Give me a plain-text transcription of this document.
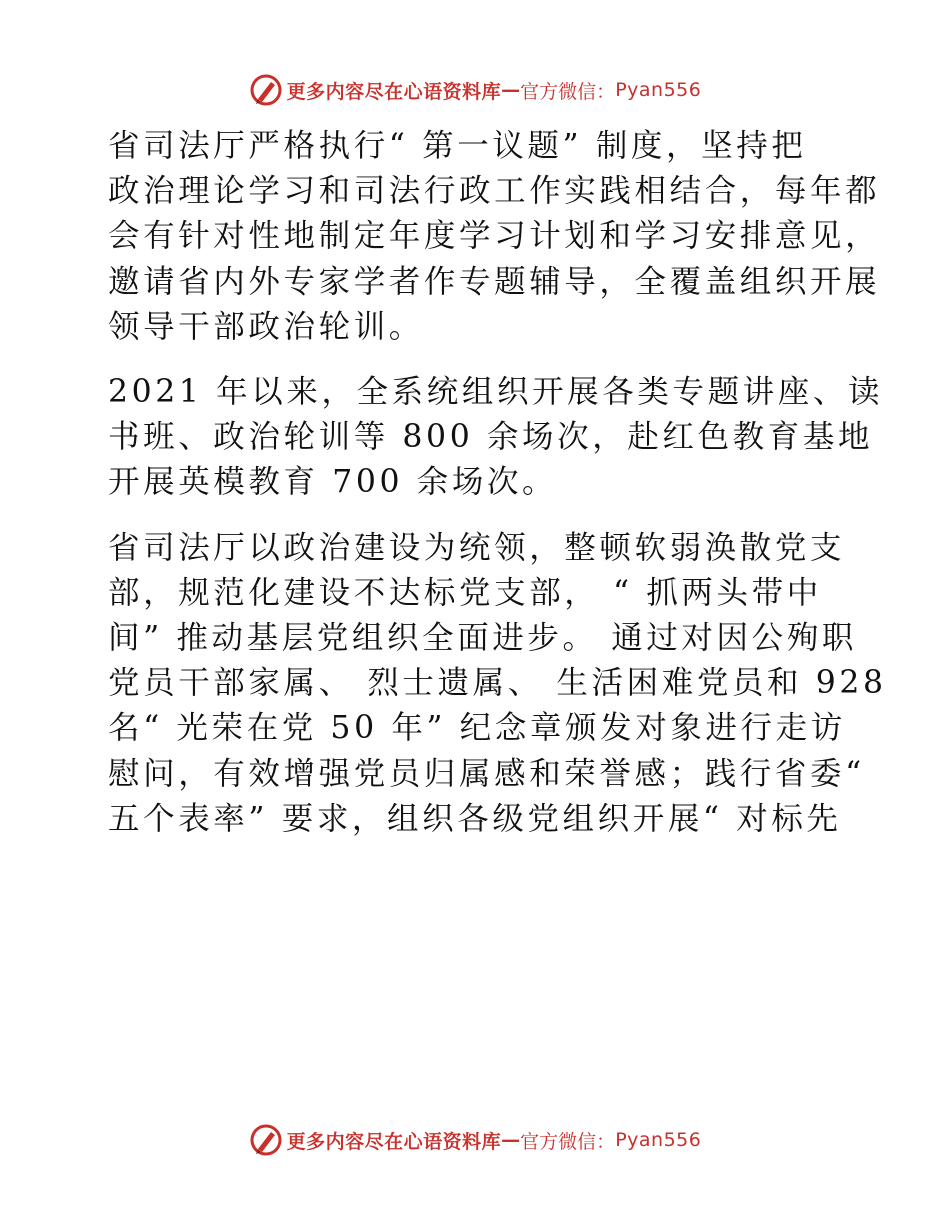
更多内容尽在心语资料库 — 官方微信： Pyan556

省司法厅严格执行“ 第一议题” 制度，坚持把
政治理论学习和司法行政工作实践相结合，每年都
会有针对性地制定年度学习计划和学习安排意见，
邀请省内外专家学者作专题辅导，全覆盖组织开展
领导干部政治轮训。

2021 年以来，全系统组织开展各类专题讲座、读
书班、政治轮训等 800 余场次，赴红色教育基地
开展英模教育 700 余场次。

省司法厅以政治建设为统领，整顿软弱涣散党支
部，规范化建设不达标党支部， “ 抓两头带中
间” 推动基层党组织全面进步。 通过对因公殉职
党员干部家属、 烈士遗属、 生活困难党员和 928
名“ 光荣在党 50 年” 纪念章颁发对象进行走访
慰问，有效增强党员归属感和荣誉感；践行省委“
五个表率” 要求，组织各级党组织开展“ 对标先

更多内容尽在心语资料库 — 官方微信： Pyan556
